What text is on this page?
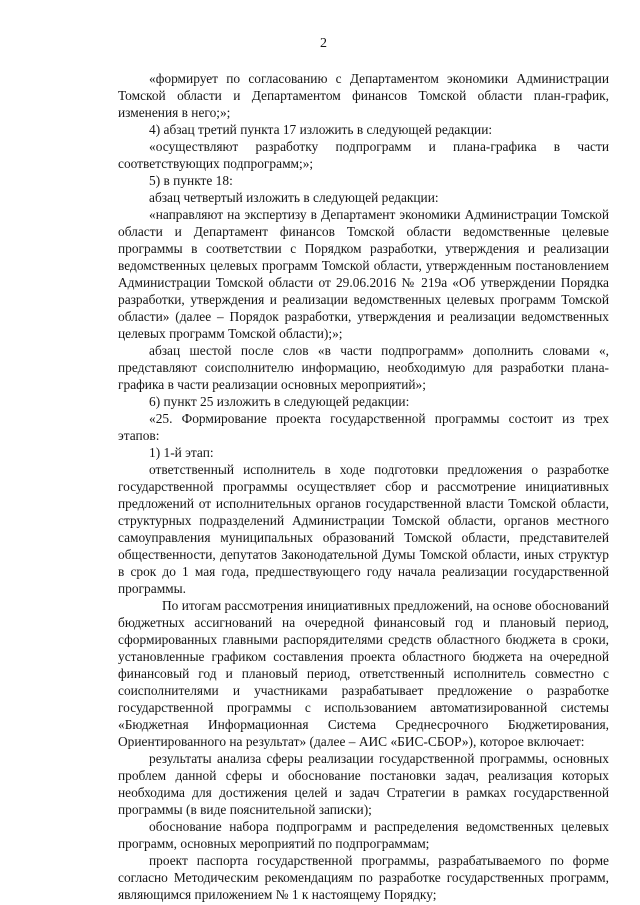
2

«формирует по согласованию с Департаментом экономики Администрации Томской области и Департаментом финансов Томской области план-график, изменения в него;»;

4) абзац третий пункта 17 изложить в следующей редакции:

«осуществляют разработку подпрограмм и плана-графика в части соответствующих подпрограмм;»;

5) в пункте 18:

абзац четвертый изложить в следующей редакции:

«направляют на экспертизу в Департамент экономики Администрации Томской области и Департамент финансов Томской области ведомственные целевые программы в соответствии с Порядком разработки, утверждения и реализации ведомственных целевых программ Томской области, утвержденным постановлением Администрации Томской области от 29.06.2016 № 219а «Об утверждении Порядка разработки, утверждения и реализации ведомственных целевых программ Томской области» (далее – Порядок разработки, утверждения и реализации ведомственных целевых программ Томской области);»;

абзац шестой после слов «в части подпрограмм» дополнить словами «, представляют соисполнителю информацию, необходимую для разработки плана-графика в части реализации основных мероприятий»;

6) пункт 25 изложить в следующей редакции:

«25. Формирование проекта государственной программы состоит из трех этапов:

1) 1-й этап:

ответственный исполнитель в ходе подготовки предложения о разработке государственной программы осуществляет сбор и рассмотрение инициативных предложений от исполнительных органов государственной власти Томской области, структурных подразделений Администрации Томской области, органов местного самоуправления муниципальных образований Томской области, представителей общественности, депутатов Законодательной Думы Томской области, иных структур в срок до 1 мая года, предшествующего году начала реализации государственной программы.

По итогам рассмотрения инициативных предложений, на основе обоснований бюджетных ассигнований на очередной финансовый год и плановый период, сформированных главными распорядителями средств областного бюджета в сроки, установленные графиком составления проекта областного бюджета на очередной финансовый год и плановый период, ответственный исполнитель совместно с соисполнителями и участниками разрабатывает предложение о разработке государственной программы с использованием автоматизированной системы «Бюджетная Информационная Система Среднесрочного Бюджетирования, Ориентированного на результат» (далее – АИС «БИС-СБОР»), которое включает:

результаты анализа сферы реализации государственной программы, основных проблем данной сферы и обоснование постановки задач, реализация которых необходима для достижения целей и задач Стратегии в рамках государственной программы (в виде пояснительной записки);

обоснование набора подпрограмм и распределения ведомственных целевых программ, основных мероприятий по подпрограммам;

проект паспорта государственной программы, разрабатываемого по форме согласно Методическим рекомендациям по разработке государственных программ, являющимся приложением № 1 к настоящему Порядку;
